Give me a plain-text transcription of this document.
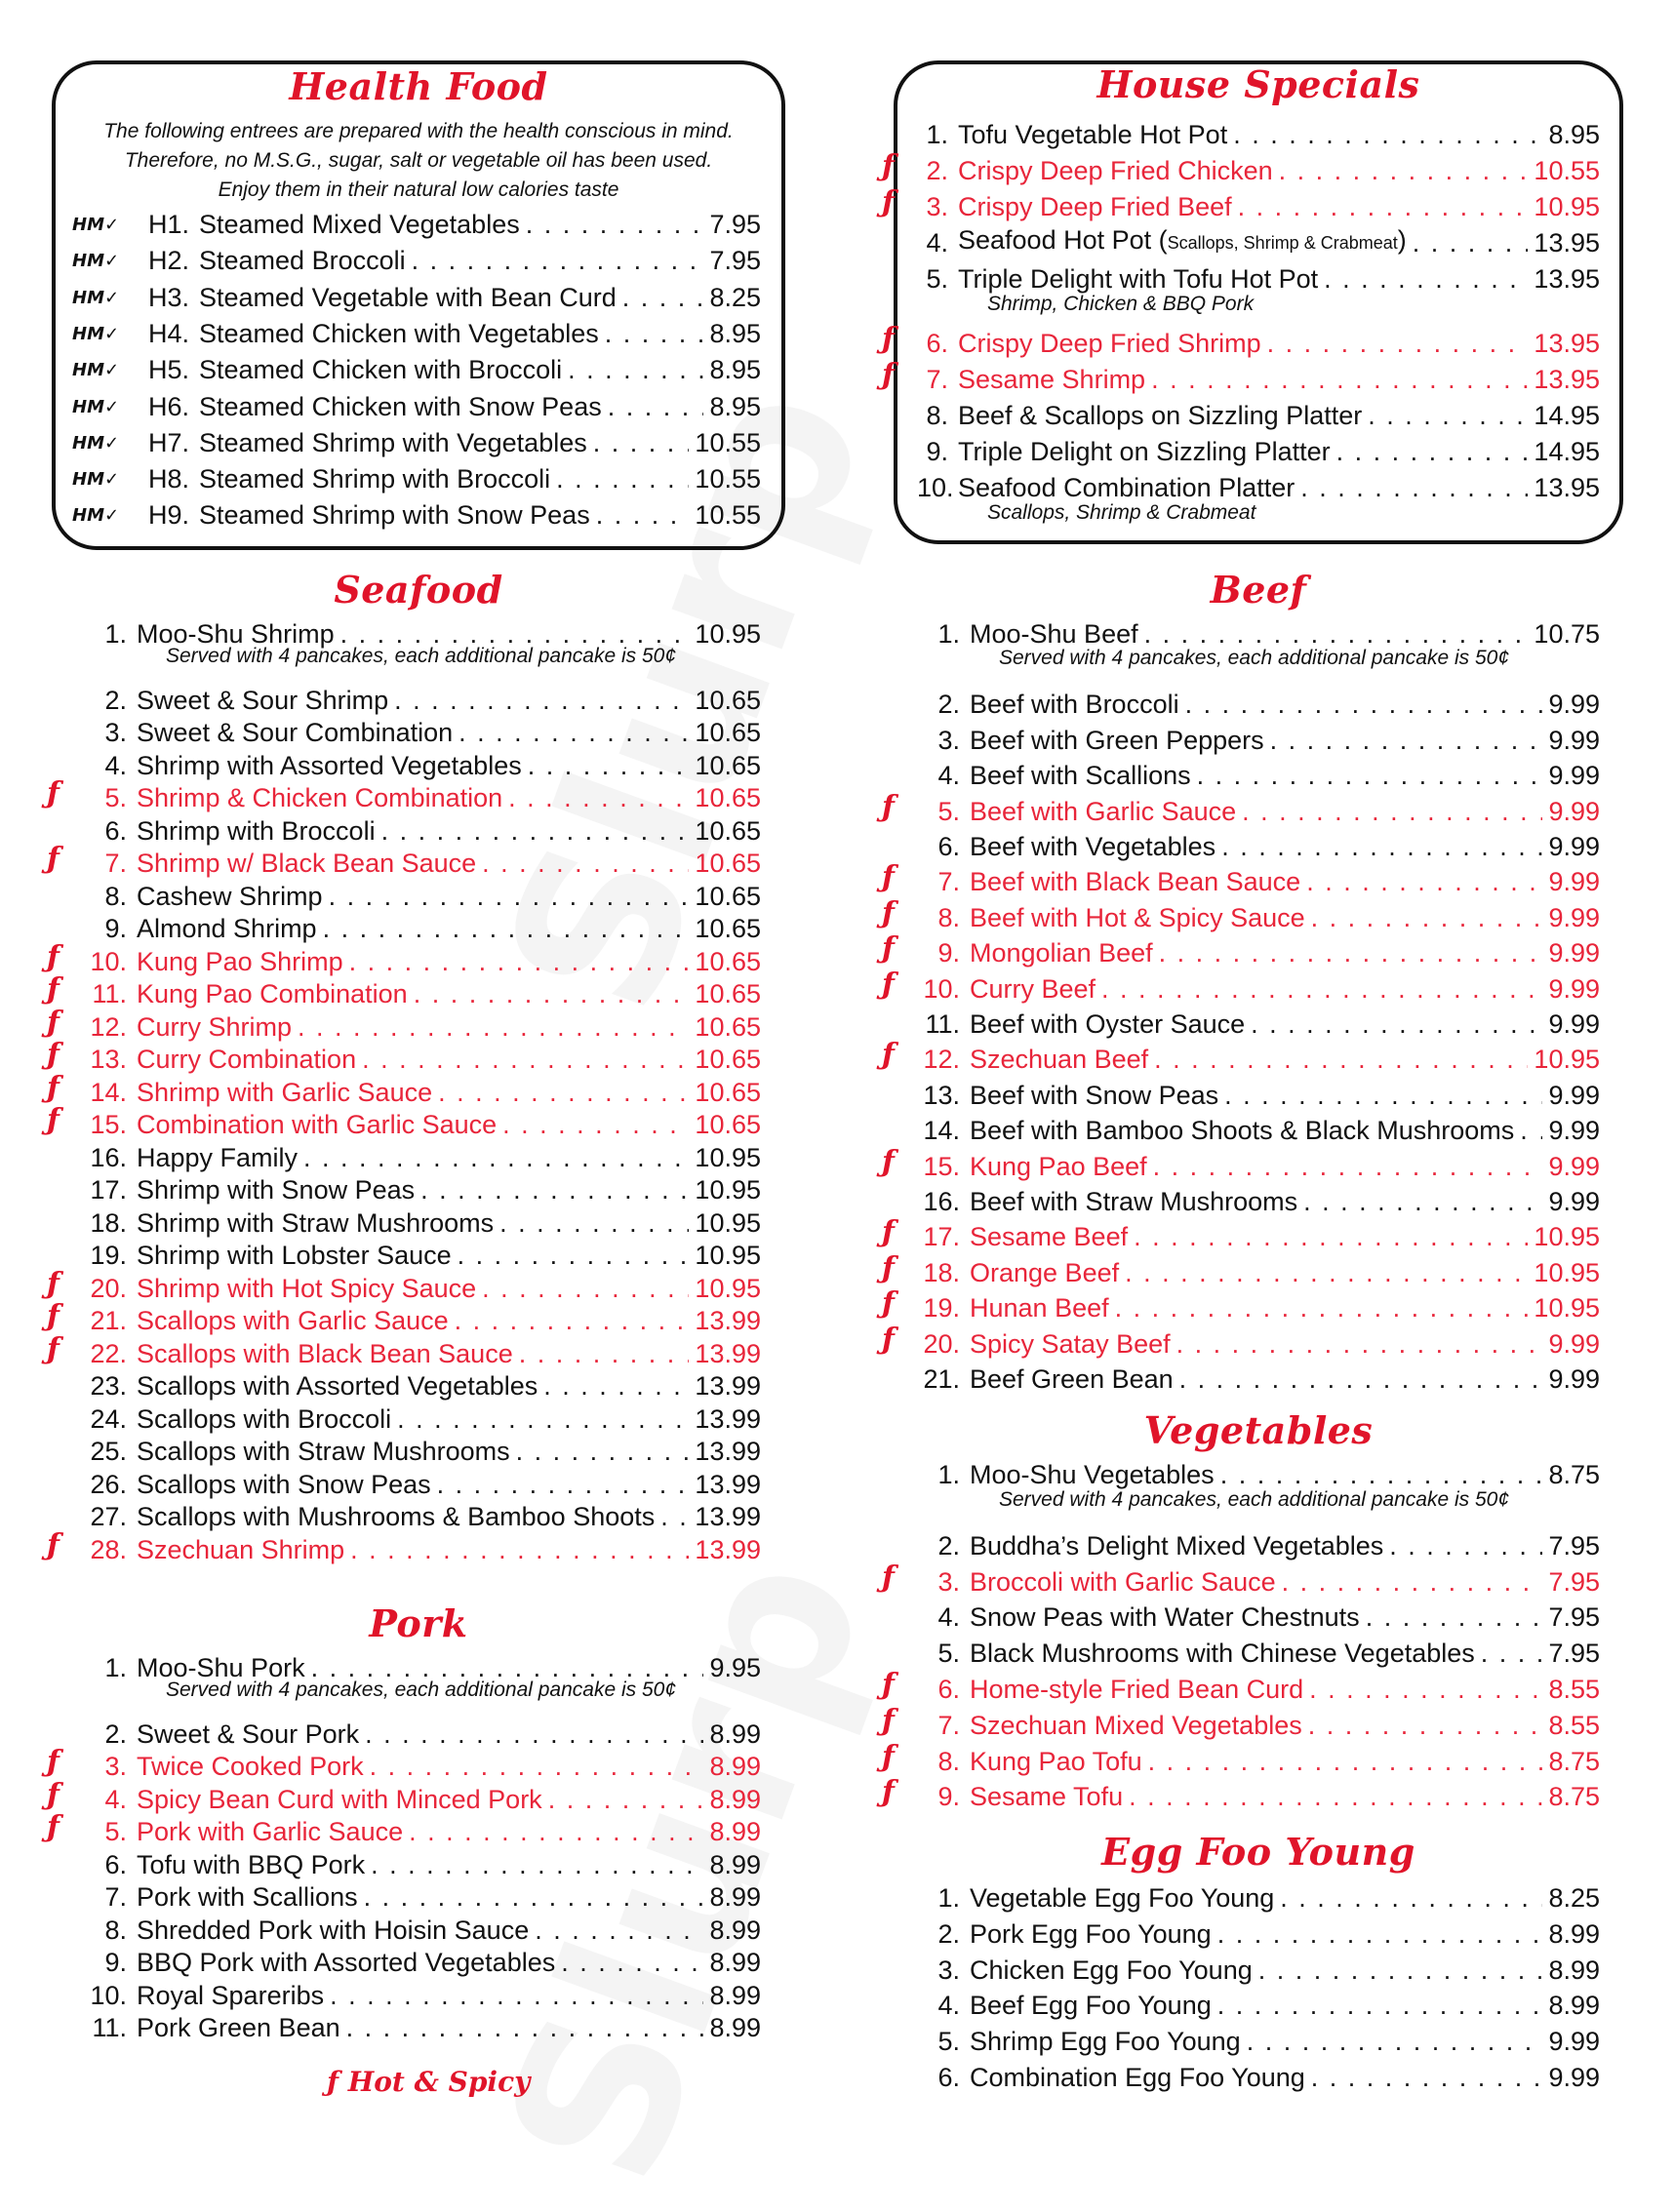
Health Food
The following entrees are prepared with the health conscious in mind.
Therefore, no M.S.G., sugar, salt or vegetable oil has been used.
Enjoy them in their natural low calories taste
HM✓	H1. Steamed Mixed Vegetables . . .	7.95
HM✓	H2. Steamed Broccoli . . .	7.95
HM✓	H3. Steamed Vegetable with Bean Curd . . .	8.25
HM✓	H4. Steamed Chicken with Vegetables . . .	8.95
HM✓	H5. Steamed Chicken with Broccoli . . .	8.95
HM✓	H6. Steamed Chicken with Snow Peas . . .	8.95
HM✓	H7. Steamed Shrimp with Vegetables . . .	10.55
HM✓	H8. Steamed Shrimp with Broccoli . . .	10.55
HM✓	H9. Steamed Shrimp with Snow Peas . . .	10.55
House Specials
1. Tofu Vegetable Hot Pot . . .	8.95
ƒ	2. Crispy Deep Fried Chicken . . .	10.55
ƒ	3. Crispy Deep Fried Beef . . .	10.95
4. Seafood Hot Pot (Scallops, Shrimp & Crabmeat) . . .	13.95
5. Triple Delight with Tofu Hot Pot . . .	13.95
Shrimp, Chicken & BBQ Pork
ƒ	6. Crispy Deep Fried Shrimp . . .	13.95
ƒ	7. Sesame Shrimp . . .	13.95
8. Beef & Scallops on Sizzling Platter . . .	14.95
9. Triple Delight on Sizzling Platter . . .	14.95
10. Seafood Combination Platter . . .	13.95
Scallops, Shrimp & Crabmeat
Seafood
1. Moo-Shu Shrimp . . .	10.95
Served with 4 pancakes, each additional pancake is 50¢
2. Sweet & Sour Shrimp . . .	10.65
3. Sweet & Sour Combination . . .	10.65
4. Shrimp with Assorted Vegetables . . .	10.65
ƒ	5. Shrimp & Chicken Combination . . .	10.65
6. Shrimp with Broccoli . . .	10.65
ƒ	7. Shrimp w/ Black Bean Sauce . . .	10.65
8. Cashew Shrimp . . .	10.65
9. Almond Shrimp . . .	10.65
ƒ	10. Kung Pao Shrimp . . .	10.65
ƒ	11. Kung Pao Combination . . .	10.65
ƒ	12. Curry Shrimp . . .	10.65
ƒ	13. Curry Combination . . .	10.65
ƒ	14. Shrimp with Garlic Sauce . . .	10.65
ƒ	15. Combination with Garlic Sauce . . .	10.65
16. Happy Family . . .	10.95
17. Shrimp with Snow Peas . . .	10.95
18. Shrimp with Straw Mushrooms . . .	10.95
19. Shrimp with Lobster Sauce . . .	10.95
ƒ	20. Shrimp with Hot Spicy Sauce . . .	10.95
ƒ	21. Scallops with Garlic Sauce . . .	13.99
ƒ	22. Scallops with Black Bean Sauce . . .	13.99
23. Scallops with Assorted Vegetables . . .	13.99
24. Scallops with Broccoli . . .	13.99
25. Scallops with Straw Mushrooms . . .	13.99
26. Scallops with Snow Peas . . .	13.99
27. Scallops with Mushrooms & Bamboo Shoots . . . 13.99
ƒ	28. Szechuan Shrimp . . .	13.99
Pork
1. Moo-Shu Pork . . .	9.95
Served with 4 pancakes, each additional pancake is 50¢
2. Sweet & Sour Pork . . .	8.99
ƒ	3. Twice Cooked Pork . . .	8.99
ƒ	4. Spicy Bean Curd with Minced Pork . . .	8.99
ƒ	5. Pork with Garlic Sauce . . .	8.99
6. Tofu with BBQ Pork . . .	8.99
7. Pork with Scallions . . .	8.99
8. Shredded Pork with Hoisin Sauce . . .	8.99
9. BBQ Pork with Assorted Vegetables . . .	8.99
10. Royal Spareribs . . .	8.99
11. Pork Green Bean . . .	8.99
Beef
1. Moo-Shu Beef . . .	10.75
Served with 4 pancakes, each additional pancake is 50¢
2. Beef with Broccoli . . .	9.99
3. Beef with Green Peppers . . .	9.99
4. Beef with Scallions . . .	9.99
ƒ	5. Beef with Garlic Sauce . . .	9.99
6. Beef with Vegetables . . .	9.99
ƒ	7. Beef with Black Bean Sauce . . .	9.99
ƒ	8. Beef with Hot & Spicy Sauce . . .	9.99
ƒ	9. Mongolian Beef . . .	9.99
ƒ 10. Curry Beef . . .	9.99
11. Beef with Oyster Sauce . . .	9.99
ƒ 12. Szechuan Beef . . .	10.95
13. Beef with Snow Peas . . .	9.99
14. Beef with Bamboo Shoots & Black Mushrooms . . . 9.99
ƒ 15. Kung Pao Beef . . .	9.99
16. Beef with Straw Mushrooms . . .	9.99
ƒ 17. Sesame Beef . . .	10.95
ƒ 18. Orange Beef . . .	10.95
ƒ 19. Hunan Beef . . .	10.95
ƒ 20. Spicy Satay Beef . . .	9.99
21. Beef Green Bean . . .	9.99
Vegetables
1. Moo-Shu Vegetables . . .	8.75
Served with 4 pancakes, each additional pancake is 50¢
2. Buddha’s Delight Mixed Vegetables . . .	7.95
ƒ	3. Broccoli with Garlic Sauce . . .	7.95
4. Snow Peas with Water Chestnuts . . .	7.95
5. Black Mushrooms with Chinese Vegetables . . .	7.95
ƒ	6. Home-style Fried Bean Curd . . .	8.55
ƒ	7. Szechuan Mixed Vegetables . . .	8.55
ƒ	8. Kung Pao Tofu . . .	8.75
ƒ	9. Sesame Tofu . . .	8.75
Egg Foo Young
1. Vegetable Egg Foo Young . . .	8.25
2. Pork Egg Foo Young . . .	8.99
3. Chicken Egg Foo Young . . .	8.99
4. Beef Egg Foo Young . . .	8.99
5. Shrimp Egg Foo Young . . .	9.99
6. Combination Egg Foo Young . . .	9.99
ƒ Hot & Spicy
